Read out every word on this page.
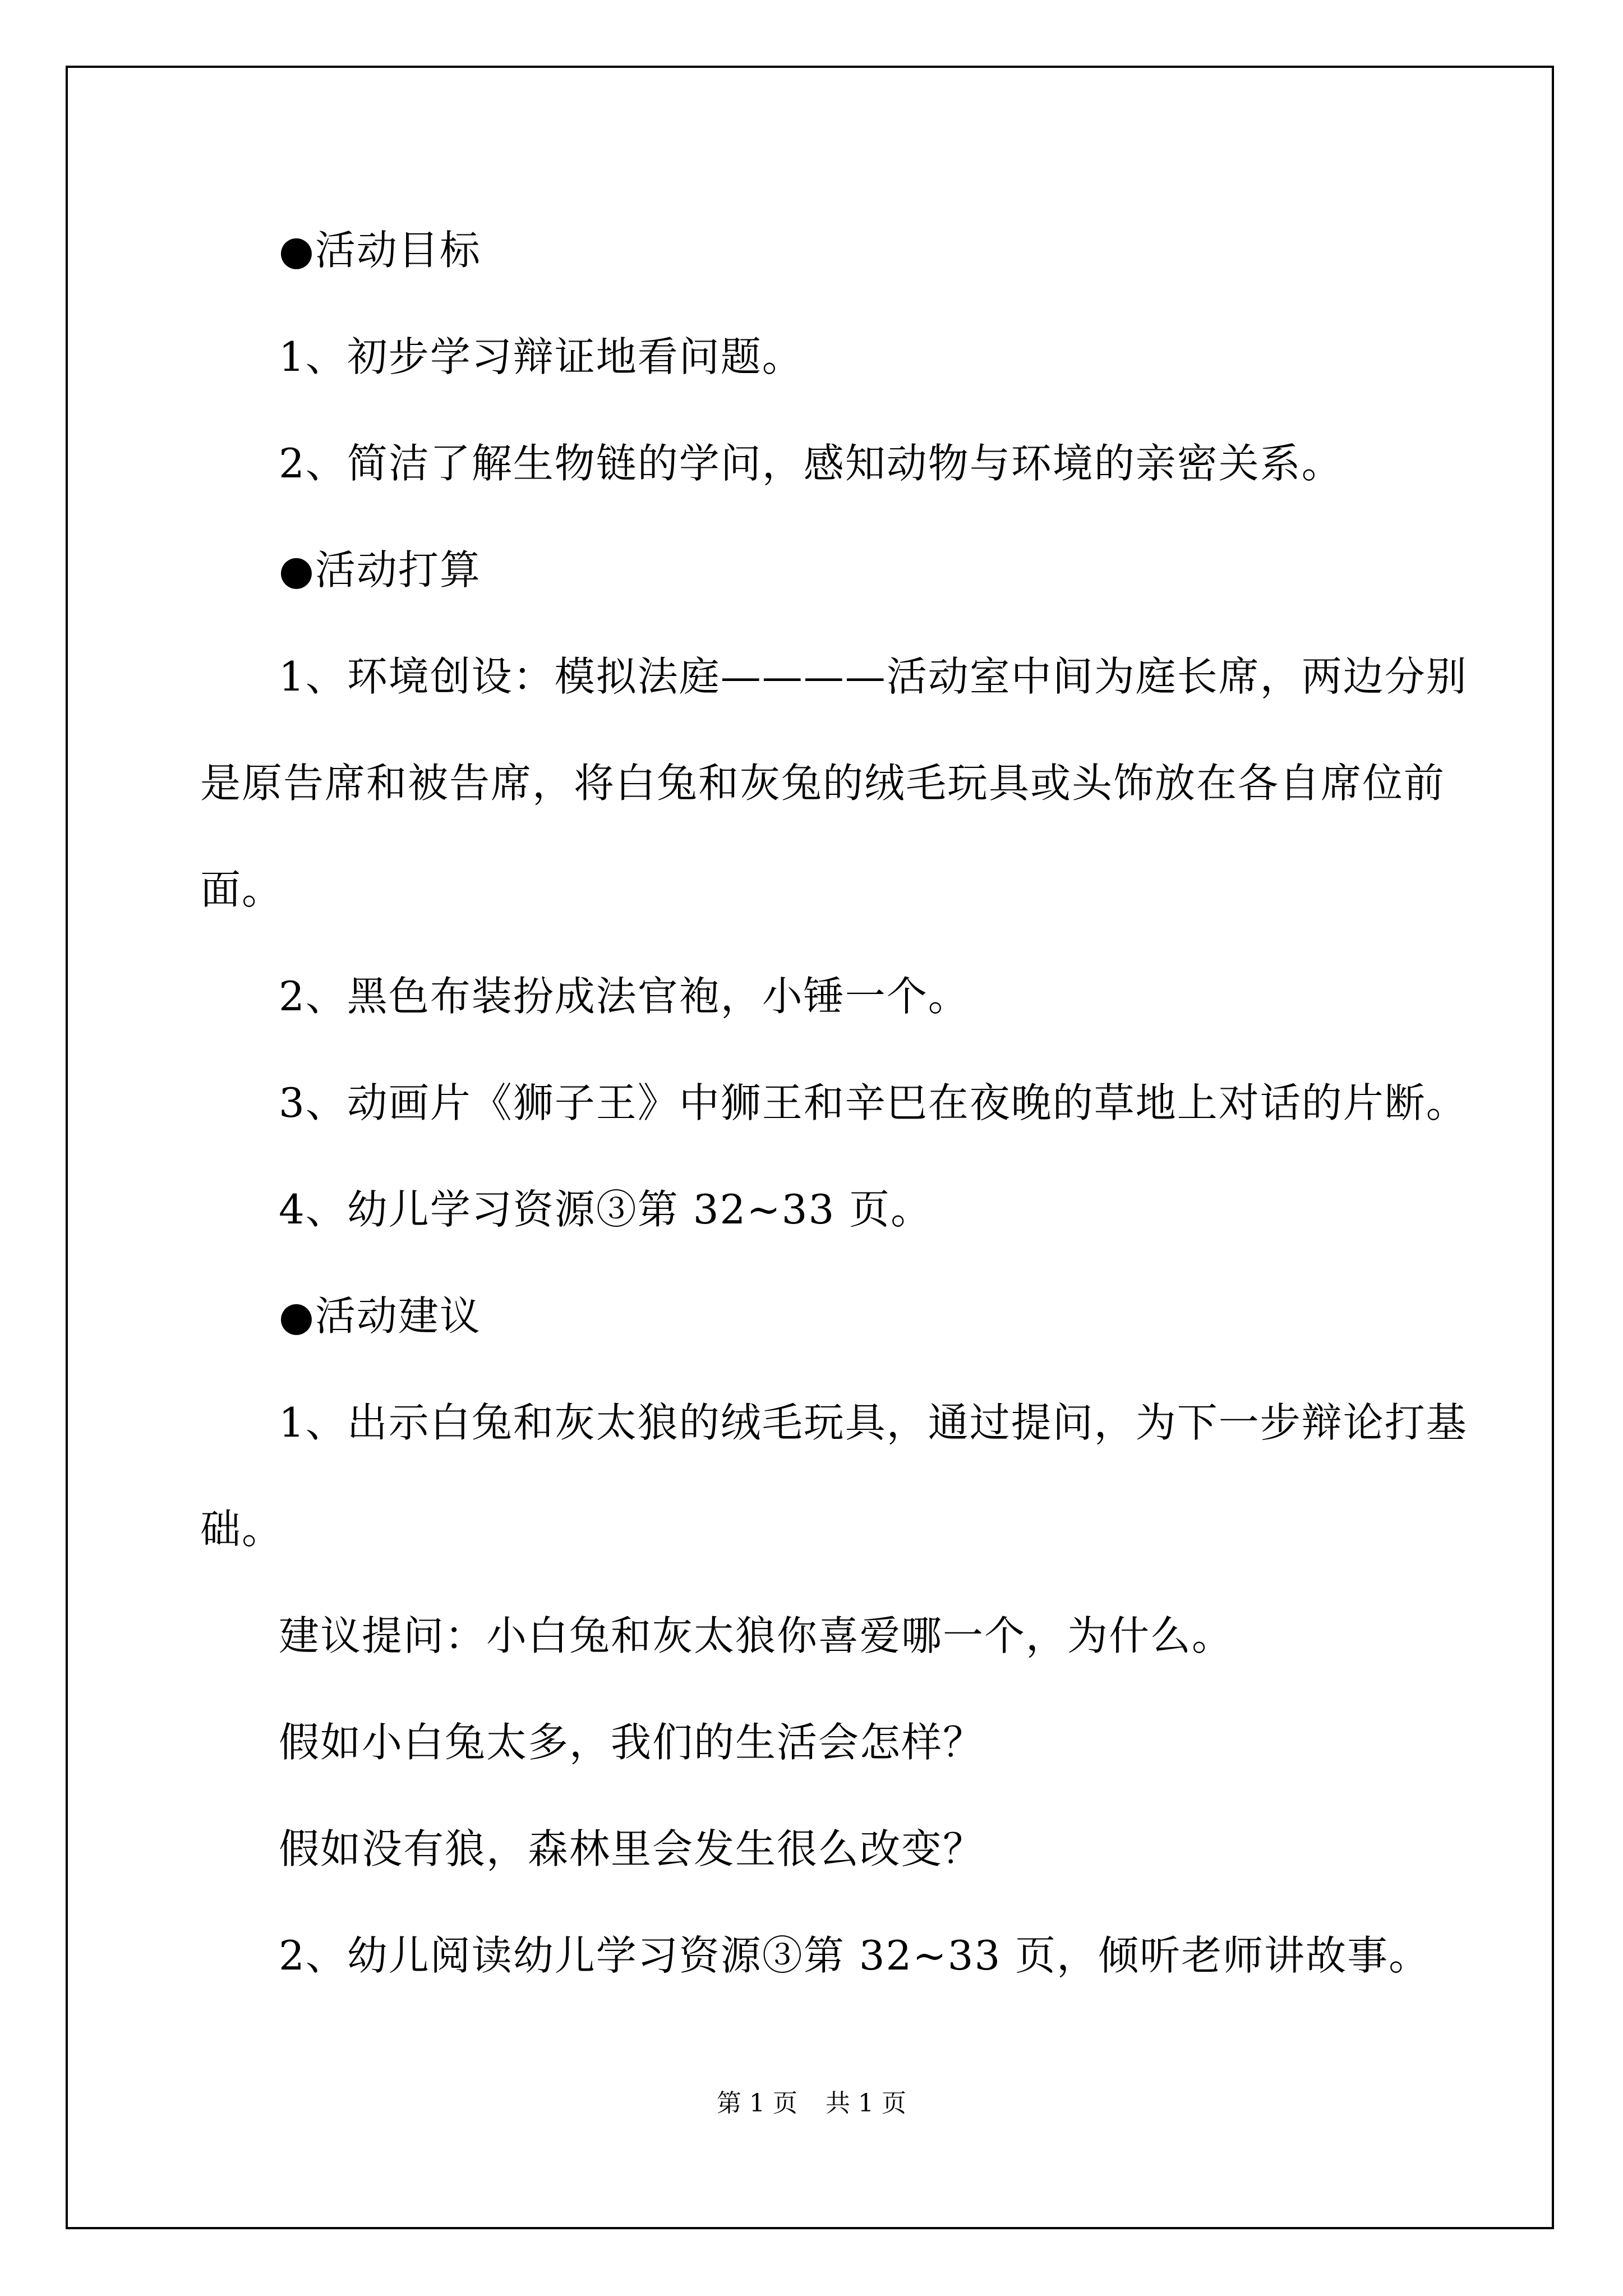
●活动目标
1、初步学习辩证地看问题。
2、简洁了解生物链的学问，感知动物与环境的亲密关系。
●活动打算
1、环境创设：模拟法庭————活动室中间为庭长席，两边分别
是原告席和被告席，将白兔和灰兔的绒毛玩具或头饰放在各自席位前
面。
2、黑色布装扮成法官袍，小锤一个。
3、动画片《狮子王》中狮王和辛巴在夜晚的草地上对话的片断。
4、幼儿学习资源③第 32~33 页。
●活动建议
1、出示白兔和灰太狼的绒毛玩具，通过提问，为下一步辩论打基
础。
建议提问：小白兔和灰太狼你喜爱哪一个，为什么。
假如小白兔太多，我们的生活会怎样？
假如没有狼，森林里会发生很么改变？
2、幼儿阅读幼儿学习资源③第 32~33 页，倾听老师讲故事。
第 1 页 共 1 页
